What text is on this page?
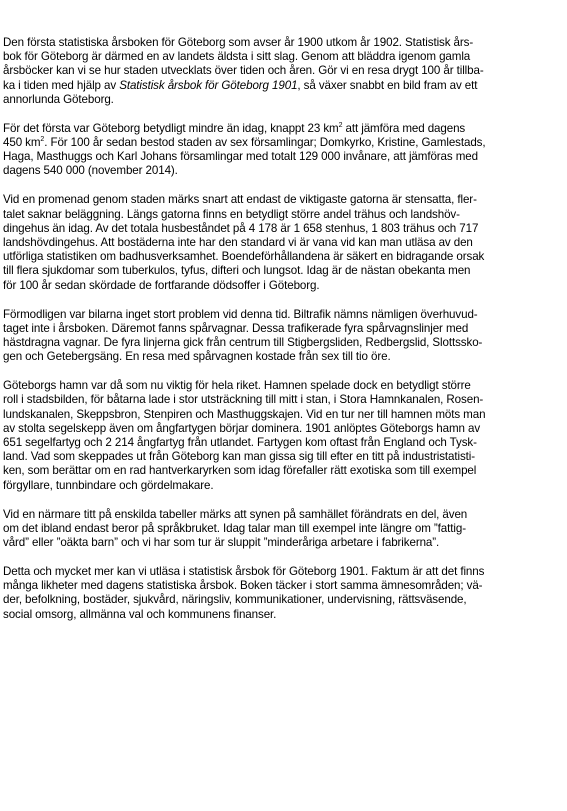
Den första statistiska årsboken för Göteborg som avser år 1900 utkom år 1902. Statistisk års-
bok för Göteborg är därmed en av landets äldsta i sitt slag. Genom att bläddra igenom gamla
årsböcker kan vi se hur staden utvecklats över tiden och åren. Gör vi en resa drygt 100 år tillba-
ka i tiden med hjälp av Statistisk årsbok för Göteborg 1901, så växer snabbt en bild fram av ett
annorlunda Göteborg.
För det första var Göteborg betydligt mindre än idag, knappt 23 $km^2$ att jämföra med dagens
450 $km^2$. För 100 år sedan bestod staden av sex församlingar; Domkyrko, Kristine, Gamlestads,
Haga, Masthuggs och Karl Johans församlingar med totalt 129 000 invånare, att jämföras med
dagens 540 000 (november 2014).
Vid en promenad genom staden märks snart att endast de viktigaste gatorna är stensatta, fler-
talet saknar beläggning. Längs gatorna finns en betydligt större andel trähus och landshöv-
dingehus än idag. Av det totala husbeståndet på 4 178 är 1 658 stenhus, 1 803 trähus och 717
landshövdingehus. Att bostäderna inte har den standard vi är vana vid kan man utläsa av den
utförliga statistiken om badhusverksamhet. Boendeförhållandena är säkert en bidragande orsak
till flera sjukdomar som tuberkulos, tyfus, difteri och lungsot. Idag är de nästan obekanta men
för 100 år sedan skördade de fortfarande dödsoffer i Göteborg.
Förmodligen var bilarna inget stort problem vid denna tid. Biltrafik nämns nämligen överhuvud-
taget inte i årsboken. Däremot fanns spårvagnar. Dessa trafikerade fyra spårvagnslinjer med
hästdragna vagnar. De fyra linjerna gick från centrum till Stigbergsliden, Redbergslid, Slottssko-
gen och Getebergsäng. En resa med spårvagnen kostade från sex till tio öre.
Göteborgs hamn var då som nu viktig för hela riket. Hamnen spelade dock en betydligt större
roll i stadsbilden, för båtarna lade i stor utsträckning till mitt i stan, i Stora Hamnkanalen, Rosen-
lundskanalen, Skeppsbron, Stenpiren och Masthuggskajen. Vid en tur ner till hamnen möts man
av stolta segelskepp även om ångfartygen börjar dominera. 1901 anlöptes Göteborgs hamn av
651 segelfartyg och 2 214 ångfartyg från utlandet. Fartygen kom oftast från England och Tysk-
land. Vad som skeppades ut från Göteborg kan man gissa sig till efter en titt på industristatisti-
ken, som berättar om en rad hantverkaryrken som idag förefaller rätt exotiska som till exempel
förgyllare, tunnbindare och gördelmakare.
Vid en närmare titt på enskilda tabeller märks att synen på samhället förändrats en del, även
om det ibland endast beror på språkbruket. Idag talar man till exempel inte längre om ”fattig-
vård” eller ”oäkta barn” och vi har som tur är sluppit ”minderåriga arbetare i fabrikerna”.
Detta och mycket mer kan vi utläsa i statistisk årsbok för Göteborg 1901. Faktum är att det finns
många likheter med dagens statistiska årsbok. Boken täcker i stort samma ämnesområden; vä-
der, befolkning, bostäder, sjukvård, näringsliv, kommunikationer, undervisning, rättsväsende,
social omsorg, allmänna val och kommunens finanser.
